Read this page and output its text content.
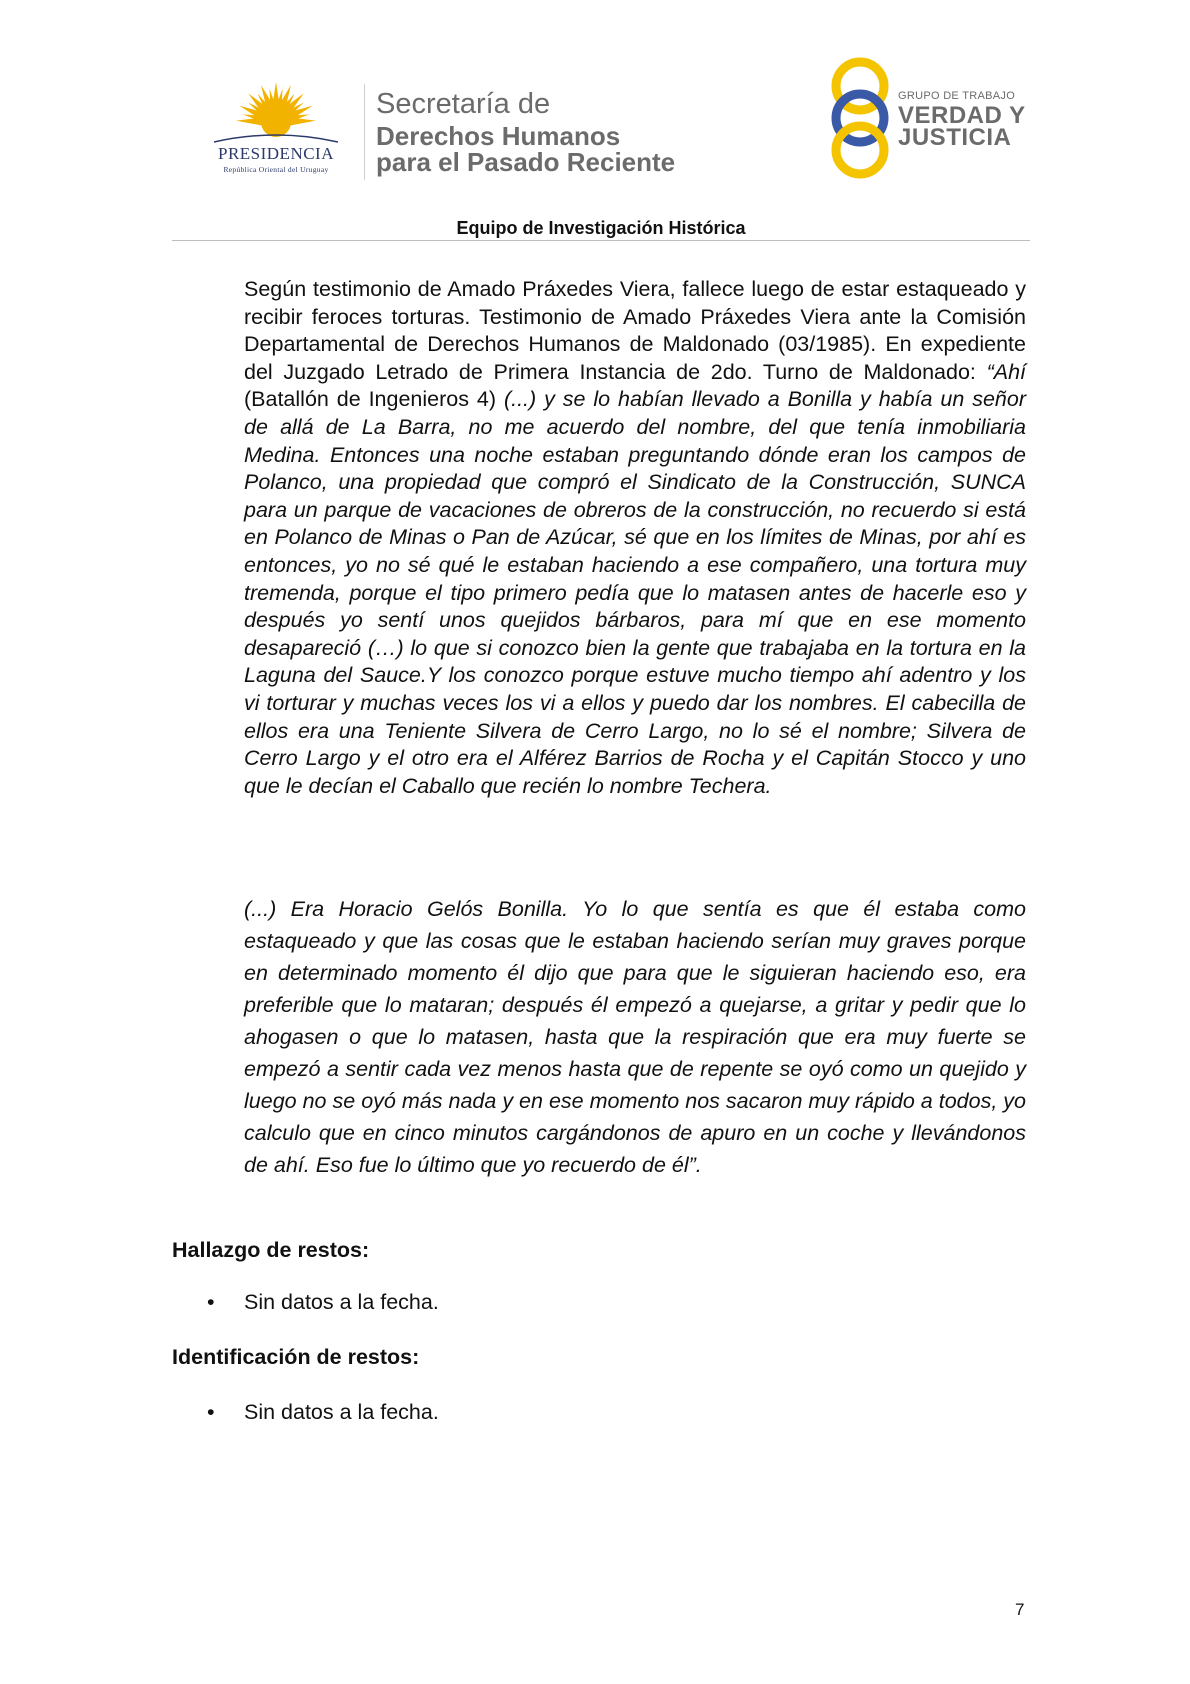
PRESIDENCIA
República Oriental del Uruguay
Secretaría de
Derechos Humanos
para el Pasado Reciente
GRUPO DE TRABAJO
VERDAD Y
JUSTICIA
Equipo de Investigación Histórica
Según testimonio de Amado Práxedes Viera, fallece luego de estar estaqueado y recibir feroces torturas. Testimonio de Amado Práxedes Viera ante la Comisión Departamental de Derechos Humanos de Maldonado (03/1985). En expediente del Juzgado Letrado de Primera Instancia de 2do. Turno de Maldonado: “Ahí (Batallón de Ingenieros 4) (...) y se lo habían llevado a Bonilla y había un señor de allá de La Barra, no me acuerdo del nombre, del que tenía inmobiliaria Medina. Entonces una noche estaban preguntando dónde eran los campos de Polanco, una propiedad que compró el Sindicato de la Construcción, SUNCA para un parque de vacaciones de obreros de la construcción, no recuerdo si está en Polanco de Minas o Pan de Azúcar, sé que en los límites de Minas, por ahí es entonces, yo no sé qué le estaban haciendo a ese compañero, una tortura muy tremenda, porque el tipo primero pedía que lo matasen antes de hacerle eso y después yo sentí unos quejidos bárbaros, para mí que en ese momento desapareció (…) lo que si conozco bien la gente que trabajaba en la tortura en la Laguna del Sauce.Y los conozco porque estuve mucho tiempo ahí adentro y los vi torturar y muchas veces los vi a ellos y puedo dar los nombres. El cabecilla de ellos era una Teniente Silvera de Cerro Largo, no lo sé el nombre; Silvera de Cerro Largo y el otro era el Alférez Barrios de Rocha y el Capitán Stocco y uno que le decían el Caballo que recién lo nombre Techera.
(...) Era Horacio Gelós Bonilla. Yo lo que sentía es que él estaba como estaqueado y que las cosas que le estaban haciendo serían muy graves porque en determinado momento él dijo que para que le siguieran haciendo eso, era preferible que lo mataran; después él empezó a quejarse, a gritar y pedir que lo ahogasen o que lo matasen, hasta que la respiración que era muy fuerte se empezó a sentir cada vez menos hasta que de repente se oyó como un quejido y luego no se oyó más nada y en ese momento nos sacaron muy rápido a todos, yo calculo que en cinco minutos cargándonos de apuro en un coche y llevándonos de ahí. Eso fue lo último que yo recuerdo de él”.
Hallazgo de restos:
• Sin datos a la fecha.
Identificación de restos:
• Sin datos a la fecha.
7
